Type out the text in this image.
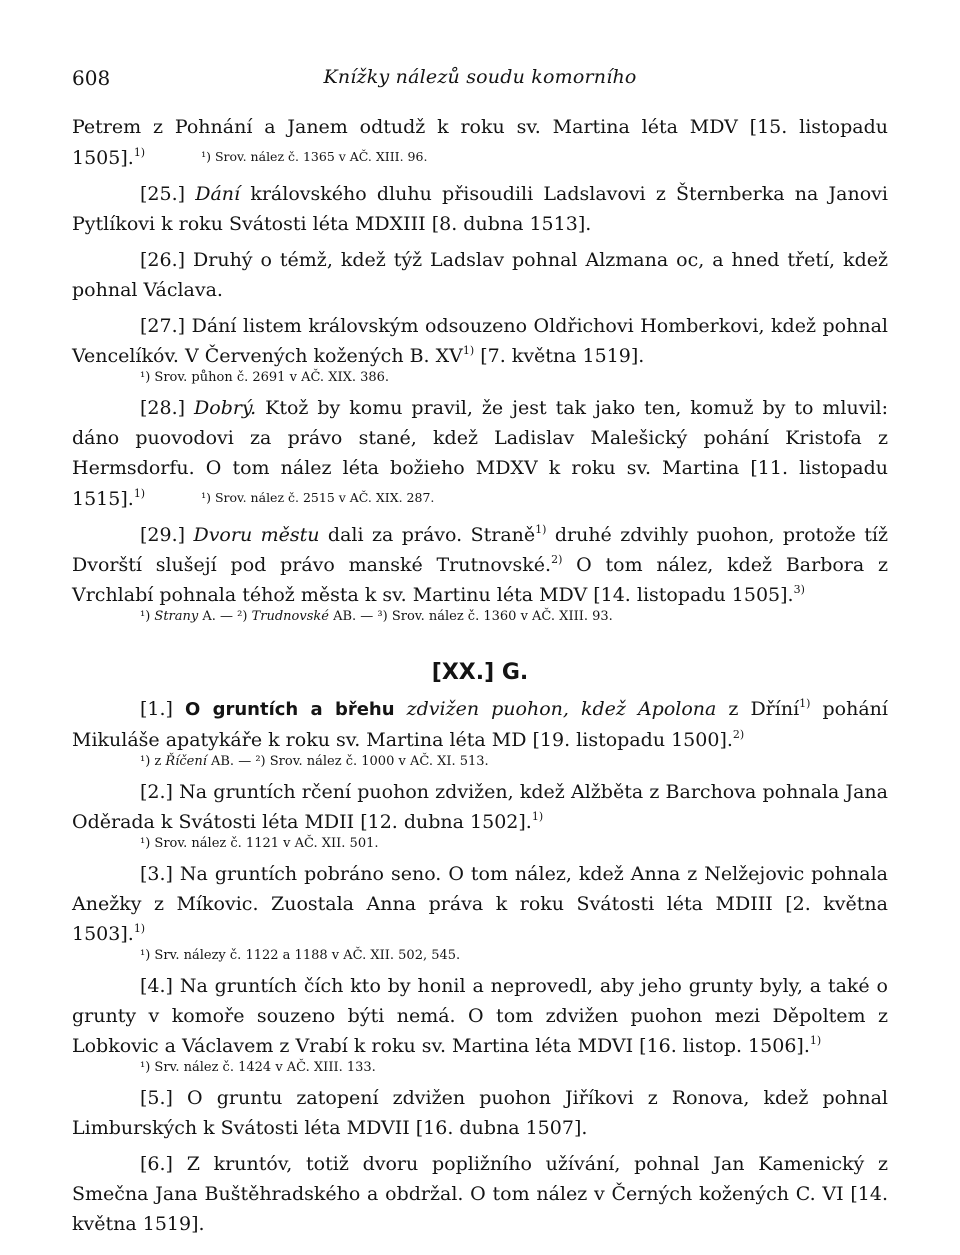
608	Knížky nálezů soudu komorního

Petrem z Pohnání a Janem odtudž k roku sv. Martina léta MDV [15. listopadu 1505].$^{1)}$	¹) Srov. nález č. 1365 v AČ. XIII. 96.

[25.] Dání královského dluhu přisoudili Ladslavovi z Šternberka na Janovi Pytlíkovi k roku Svátosti léta MDXIII [8. dubna 1513].

[26.] Druhý o témž, kdež týž Ladslav pohnal Alzmana oc, a hned třetí, kdež pohnal Václava.

[27.] Dání listem královským odsouzeno Oldřichovi Homberkovi, kdež pohnal Vencelíkóv. V Červených kožených B. XV$^{1)}$ [7. května 1519].

¹) Srov. půhon č. 2691 v AČ. XIX. 386.

[28.] Dobrý. Ktož by komu pravil, že jest tak jako ten, komuž by to mluvil: dáno puovodovi za právo stané, kdež Ladislav Malešický pohání Kristofa z Hermsdorfu. O tom nález léta božieho MDXV k roku sv. Martina [11. listopadu 1515].$^{1)}$	¹) Srov. nález č. 2515 v AČ. XIX. 287.

[29.] Dvoru městu dali za právo. Straně$^{1)}$ druhé zdvihly puohon, protože tíž Dvorští slušejí pod právo manské Trutnovské.$^{2)}$ O tom nález, kdež Barbora z Vrchlabí pohnala téhož města k sv. Martinu léta MDV [14. listopadu 1505].$^{3)}$

¹) Strany A. — ²) Trudnovské AB. — ³) Srov. nález č. 1360 v AČ. XIII. 93.
[XX.] G.

[1.] O gruntích a břehu zdvižen puohon, kdež Apolona z Dříní$^{1)}$ pohání Mikuláše apatykáře k roku sv. Martina léta MD [19. listopadu 1500].$^{2)}$

¹) z Říčení AB. — ²) Srov. nález č. 1000 v AČ. XI. 513.

[2.] Na gruntích rčení puohon zdvižen, kdež Alžběta z Barchova pohnala Jana Oděrada k Svátosti léta MDII [12. dubna 1502].$^{1)}$

¹) Srov. nález č. 1121 v AČ. XII. 501.

[3.] Na gruntích pobráno seno. O tom nález, kdež Anna z Nelžejovic pohnala Anežky z Míkovic. Zuostala Anna práva k roku Svátosti léta MDIII [2. května 1503].$^{1)}$

¹) Srv. nálezy č. 1122 a 1188 v AČ. XII. 502, 545.

[4.] Na gruntích čích kto by honil a neprovedl, aby jeho grunty byly, a také o grunty v komoře souzeno býti nemá. O tom zdvižen puohon mezi Děpoltem z Lobkovic a Václavem z Vrabí k roku sv. Martina léta MDVI [16. listop. 1506].$^{1)}$

¹) Srv. nález č. 1424 v AČ. XIII. 133.

[5.] O gruntu zatopení zdvižen puohon Jiříkovi z Ronova, kdež pohnal Limburských k Svátosti léta MDVII [16. dubna 1507].

[6.] Z kruntóv, totiž dvoru popližního užívání, pohnal Jan Kamenický z Smečna Jana Buštěhradského a obdržal. O tom nález v Černých kožených C. VI [14. května 1519].
